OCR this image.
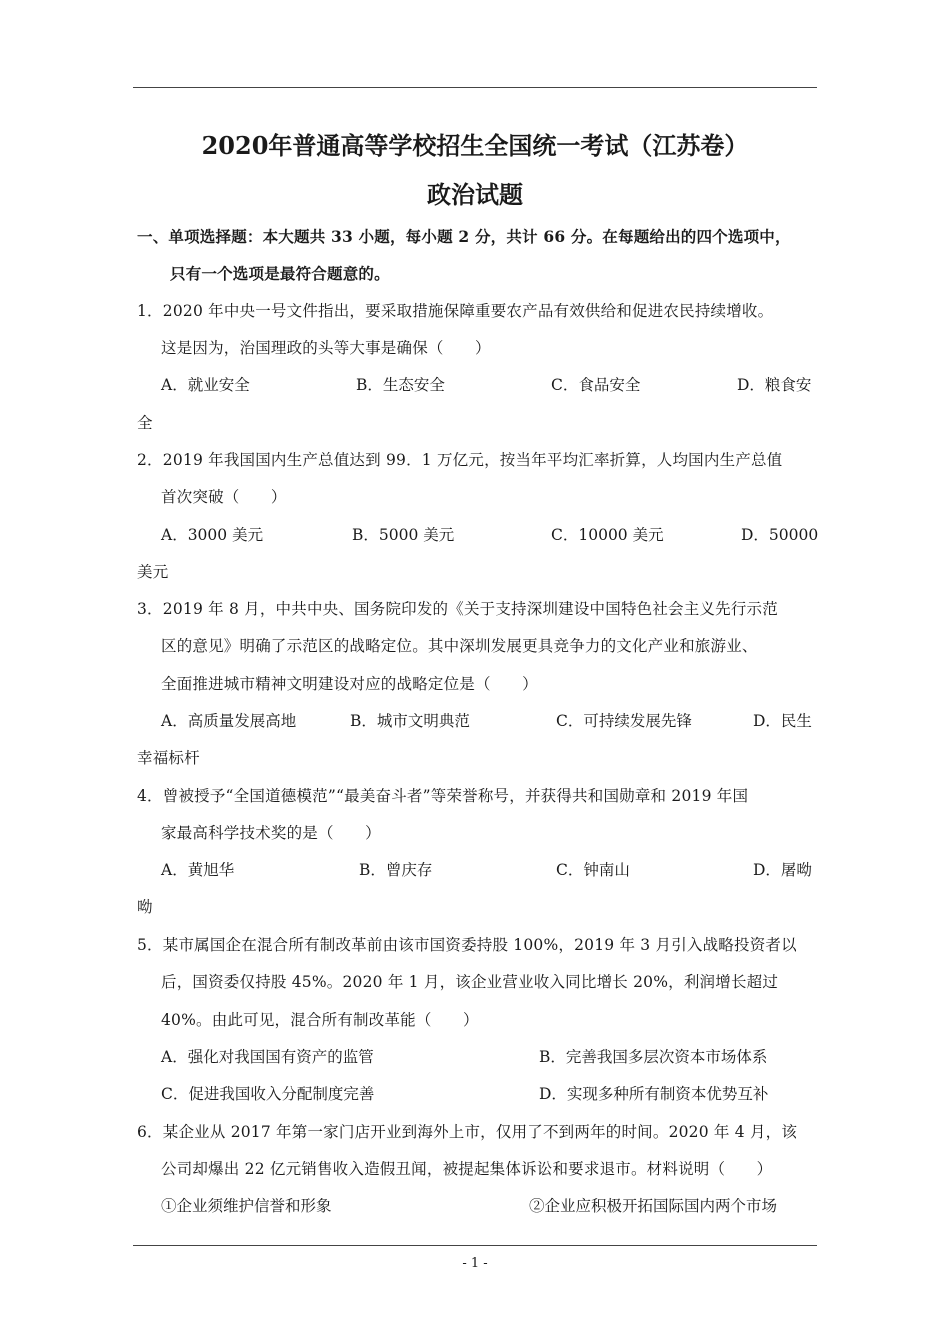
2020年普通高等学校招生全国统一考试（江苏卷）
政治试题
一、单项选择题：本大题共 33 小题，每小题 2 分，共计 66 分。在每题给出的四个选项中，
只有一个选项是最符合题意的。
1．2020 年中央一号文件指出，要采取措施保障重要农产品有效供给和促进农民持续增收。
这是因为，治国理政的头等大事是确保（　　）
A．就业安全	B．生态安全	C．食品安全	D．粮食安
全
2．2019 年我国国内生产总值达到 99．1 万亿元，按当年平均汇率折算，人均国内生产总值
首次突破（　　）
A．3000 美元	B．5000 美元	C．10000 美元	D．50000
美元
3．2019 年 8 月，中共中央、国务院印发的《关于支持深圳建设中国特色社会主义先行示范
区的意见》明确了示范区的战略定位。其中深圳发展更具竞争力的文化产业和旅游业、
全面推进城市精神文明建设对应的战略定位是（　　）
A．高质量发展高地	B．城市文明典范	C．可持续发展先锋	D．民生
幸福标杆
4．曾被授予“全国道德模范”“最美奋斗者”等荣誉称号，并获得共和国勋章和 2019 年国
家最高科学技术奖的是（　　）
A．黄旭华	B．曾庆存	C．钟南山	D．屠呦
呦
5．某市属国企在混合所有制改革前由该市国资委持股 100%，2019 年 3 月引入战略投资者以
后，国资委仅持股 45%。2020 年 1 月，该企业营业收入同比增长 20%，利润增长超过
40%。由此可见，混合所有制改革能（　　）
A．强化对我国国有资产的监管	B．完善我国多层次资本市场体系
C．促进我国收入分配制度完善	D．实现多种所有制资本优势互补
6．某企业从 2017 年第一家门店开业到海外上市，仅用了不到两年的时间。2020 年 4 月，该
公司却爆出 22 亿元销售收入造假丑闻，被提起集体诉讼和要求退市。材料说明（　　）
①企业须维护信誉和形象	②企业应积极开拓国际国内两个市场
- 1 -
